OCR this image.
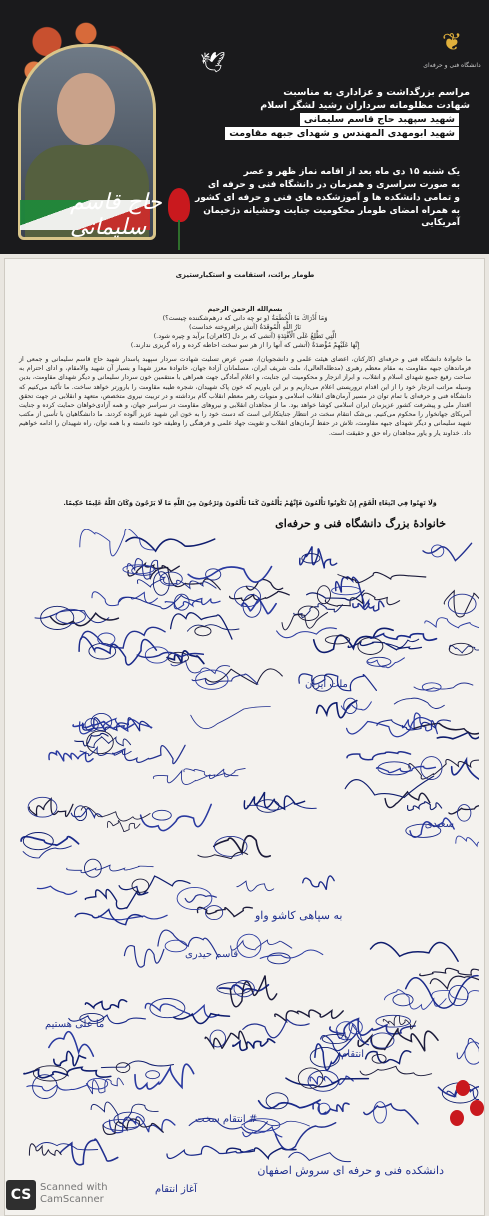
حاج قاسم سلیمانی
🕊
❦
دانشگاه فنی و حرفه‌ای
مراسم بزرگداشت و عزاداری به مناسبت
شهادت مظلومانه سرداران رشید لشگر اسلام
شهید سپهبد حاج قاسم سلیمانی
شهید ابومهدی المهندس و شهدای جبهه مقاومت
یک شنبه ۱۵ دی ماه بعد از اقامه نماز ظهر و عصر
به صورت سراسری و همزمان در دانشگاه فنی و حرفه ای
و تمامی دانشکده ها و آموزشکده های فنی و حرفه ای کشور
به همراه امضای طومار محکومیت جنایت وحشیانه دژخیمان آمریکایی
طومار برائت، استقامت و استکبارستیزی
بسم‌الله الرحمن الرحیم
وَمَا أَدْرَاكَ مَا الْحُطَمَةُ (و تو چه دانی که درهم‌شکننده چیست؟)
نَارُ اللَّهِ الْمُوقَدَةُ (آتش برافروخته خداست)
الَّتِي تَطَّلِعُ عَلَى الْأَفْئِدَةِ (آتشی که بر دل [کافران] برآید و چیره شود.)
إِنَّهَا عَلَيْهِمْ مُؤْصَدَةٌ (آتشی که آنها را از هر سو سخت احاطه کرده و راه گریزی ندارند.)
ما خانوادهٔ دانشگاه فنی و حرفه‌ای (کارکنان، اعضای هیئت علمی و دانشجویان)، ضمن عرض تسلیت شهادت سردار سپهبد پاسدار شهید حاج قاسم سلیمانی و جمعی از فرماندهان جبهه مقاومت به مقام معظم رهبری (مدظله‌العالی)، ملت شریف ایران، مسلمانان آزادهٔ جهان، خانوادهٔ معزز شهدا و بسیار آن شهید والامقام، و ادای احترام به ساحت رفیع جمیع شهدای اسلام و انقلاب، و ابراز انزجار و محکومیت این جنایت، و اعلام آمادگی جهت همراهی با منتقمین خون سردار سلیمانی و دیگر شهدای مقاومت، بدین وسیله مراتب انزجار خود را از این اقدام تروریستی اعلام می‌داریم و بر این باوریم که خون پاک شهیدان، شجره طیبه مقاومت را بارورتر خواهد ساخت. ما تأکید می‌کنیم که دانشگاه فنی و حرفه‌ای با تمام توان در مسیر آرمان‌های انقلاب اسلامی و منویات رهبر معظم انقلاب گام برداشته و در تربیت نیروی متخصص، متعهد و انقلابی در جهت تحقق اقتدار ملی و پیشرفت کشور عزیزمان ایران اسلامی کوشا خواهد بود. ما از مجاهدان انقلابی و نیروهای مقاومت در سراسر جهان، و همه آزادی‌خواهان حمایت کرده و جنایت آمریکای جهانخوار را محکوم می‌کنیم. بی‌شک انتقام سخت در انتظار جنایتکارانی است که دست خود را به خون این شهید عزیز آلوده کردند. ما دانشگاهیان با تأسی از مکتب شهید سلیمانی و دیگر شهدای جبهه مقاومت، تلاش در حفظ آرمان‌های انقلاب و تقویت جهاد علمی و فرهنگی را وظیفه خود دانسته و با همه توان، راه شهیدان را ادامه خواهیم داد. خداوند یار و یاور مجاهدان راه حق و حقیقت است.
وَلَا تَهِنُوا فِي ابْتِغَاءِ الْقَوْمِ إِنْ تَكُونُوا تَأْلَمُونَ فَإِنَّهُمْ يَأْلَمُونَ كَمَا تَأْلَمُونَ وَتَرْجُونَ مِنَ اللَّهِ مَا لَا يَرْجُونَ وَكَانَ اللَّهُ عَلِيمًا حَكِيمًا.
خانوادهٔ بزرگ دانشگاه فنی و حرفه‌ای
دانشکده فنی و حرفه ای سروش اصفهان
آغاز انتقام
به سپاهی کاشو واو
قاسم حیدری
# انتقام سخت
سعیدی
ما علی هستیم
انتقام
ملت ایران
CS Scanned with
CamScanner
